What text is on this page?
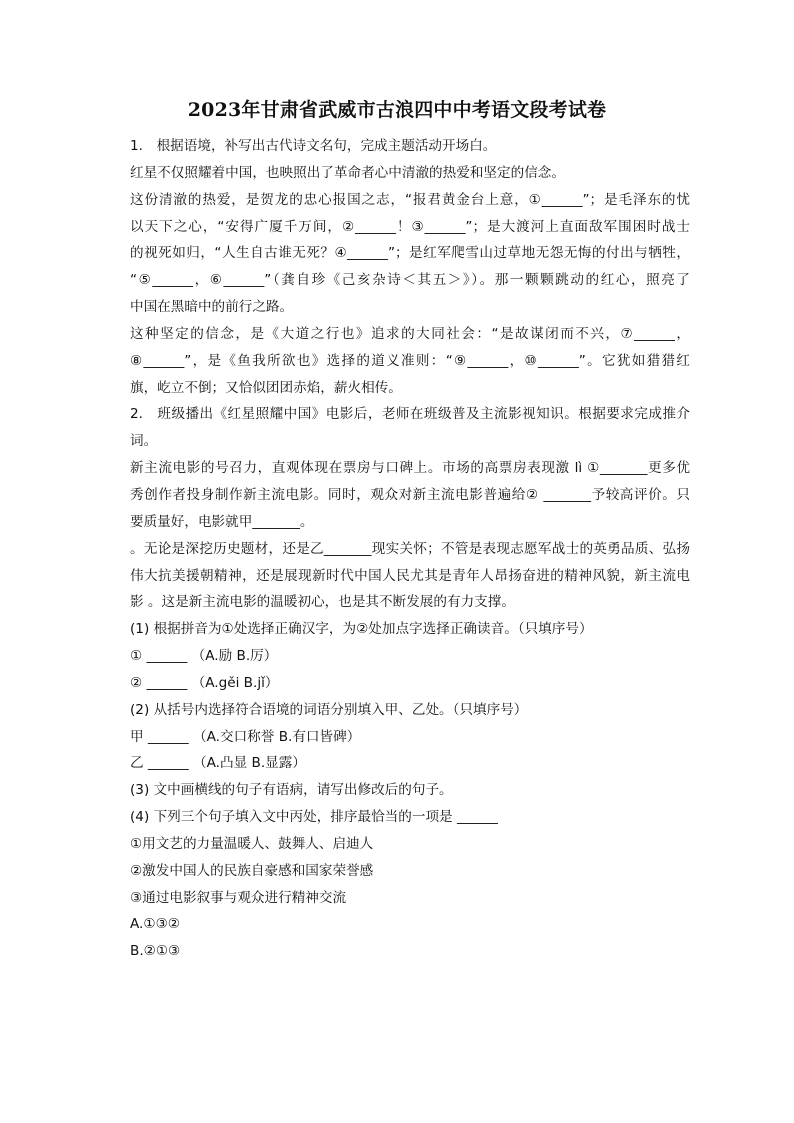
2023年甘肃省武威市古浪四中中考语文段考试卷
1.　根据语境，补写出古代诗文名句，完成主题活动开场白。
红星不仅照耀着中国，也映照出了革命者心中清澈的热爱和坚定的信念。
这份清澈的热爱，是贺龙的忠心报国之志，“报君黄金台上意，①______”；是毛泽东的忧
以天下之心，“安得广厦千万间，②______！③______”；是大渡河上直面敌军围困时战士
的视死如归，“人生自古谁无死？④______”；是红军爬雪山过草地无怨无悔的付出与牺牲，
“⑤______，⑥______”（龚自珍《己亥杂诗＜其五＞》）。那一颗颗跳动的红心，照亮了
中国在黑暗中的前行之路。
这种坚定的信念，是《大道之行也》追求的大同社会：“是故谋闭而不兴，⑦______，
⑧______”，是《鱼我所欲也》选择的道义准则：“⑨______，⑩______”。它犹如猎猎红
旗，屹立不倒；又恰似团团赤焰，薪火相传。
2.　班级播出《红星照耀中国》电影后，老师在班级普及主流影视知识。根据要求完成推介
词。
新主流电影的号召力，直观体现在票房与口碑上。市场的高票房表现激 lì ①_______更多优
秀创作者投身制作新主流电影。同时，观众对新主流电影普遍给② _______予较高评价。只
要质量好，电影就甲_______。
。无论是深挖历史题材，还是乙_______现实关怀；不管是表现志愿军战士的英勇品质、弘扬
伟大抗美援朝精神，还是展现新时代中国人民尤其是青年人昂扬奋进的精神风貌，新主流电
影 。这是新主流电影的温暖初心，也是其不断发展的有力支撑。
(1) 根据拼音为①处选择正确汉字，为②处加点字选择正确读音。（只填序号）
① ______ （A.励 B.厉）
② ______ （A.gěi B.jǐ）
(2) 从括号内选择符合语境的词语分别填入甲、乙处。（只填序号）
甲 ______ （A.交口称誉 B.有口皆碑）
乙 ______ （A.凸显 B.显露）
(3) 文中画横线的句子有语病，请写出修改后的句子。
(4) 下列三个句子填入文中丙处，排序最恰当的一项是 ______
①用文艺的力量温暖人、鼓舞人、启迪人
②激发中国人的民族自豪感和国家荣誉感
③通过电影叙事与观众进行精神交流
A.①③②
B.②①③
